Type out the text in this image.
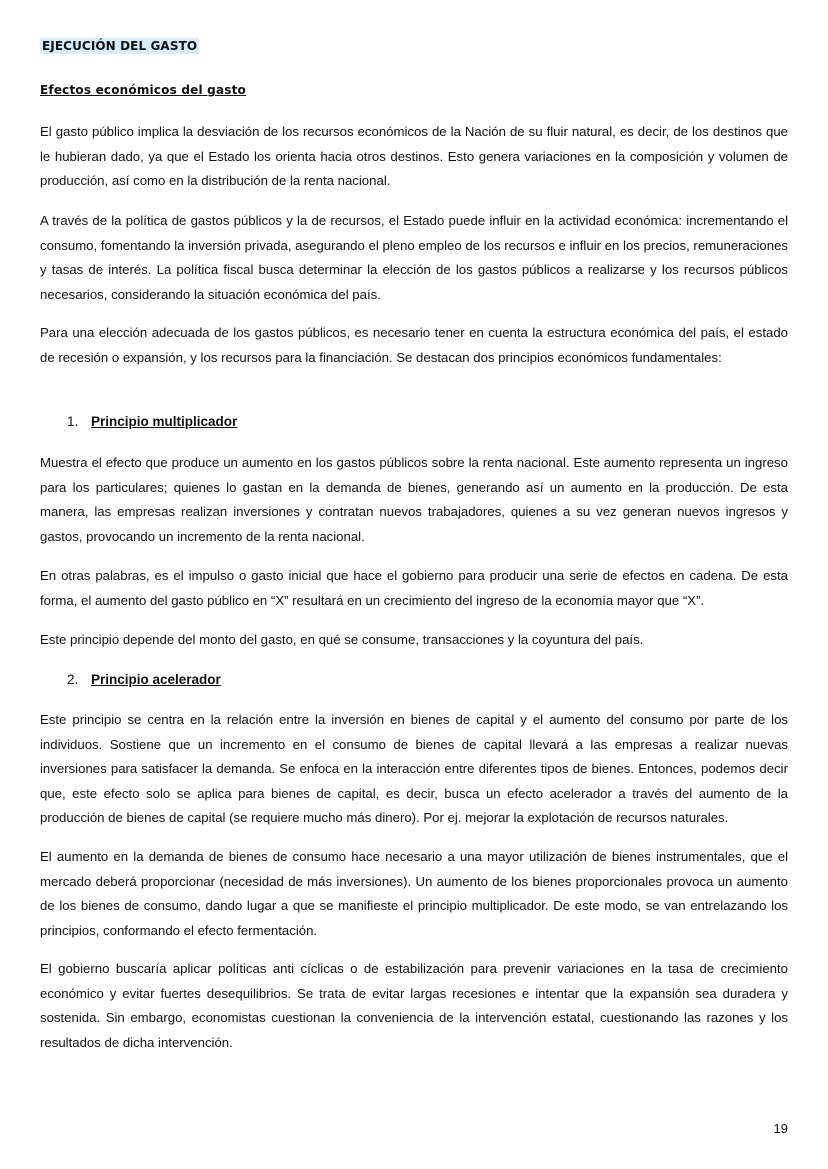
EJECUCIÓN DEL GASTO
Efectos económicos del gasto

El gasto público implica la desviación de los recursos económicos de la Nación de su fluir natural, es decir, de los destinos que le hubieran dado, ya que el Estado los orienta hacia otros destinos. Esto genera variaciones en la composición y volumen de producción, así como en la distribución de la renta nacional.

A través de la política de gastos públicos y la de recursos, el Estado puede influir en la actividad económica: incrementando el consumo, fomentando la inversión privada, asegurando el pleno empleo de los recursos e influir en los precios, remuneraciones y tasas de interés. La política fiscal busca determinar la elección de los gastos públicos a realizarse y los recursos públicos necesarios, considerando la situación económica del país.

Para una elección adecuada de los gastos públicos, es necesario tener en cuenta la estructura económica del país, el estado de recesión o expansión, y los recursos para la financiación. Se destacan dos principios económicos fundamentales:

1. Principio multiplicador

Muestra el efecto que produce un aumento en los gastos públicos sobre la renta nacional. Este aumento representa un ingreso para los particulares; quienes lo gastan en la demanda de bienes, generando así un aumento en la producción. De esta manera, las empresas realizan inversiones y contratan nuevos trabajadores, quienes a su vez generan nuevos ingresos y gastos, provocando un incremento de la renta nacional.

En otras palabras, es el impulso o gasto inicial que hace el gobierno para producir una serie de efectos en cadena. De esta forma, el aumento del gasto público en “X” resultará en un crecimiento del ingreso de la economía mayor que “X”.

Este principio depende del monto del gasto, en qué se consume, transacciones y la coyuntura del país.

2. Principio acelerador

Este principio se centra en la relación entre la inversión en bienes de capital y el aumento del consumo por parte de los individuos. Sostiene que un incremento en el consumo de bienes de capital llevará a las empresas a realizar nuevas inversiones para satisfacer la demanda. Se enfoca en la interacción entre diferentes tipos de bienes. Entonces, podemos decir que, este efecto solo se aplica para bienes de capital, es decir, busca un efecto acelerador a través del aumento de la producción de bienes de capital (se requiere mucho más dinero). Por ej. mejorar la explotación de recursos naturales.

El aumento en la demanda de bienes de consumo hace necesario a una mayor utilización de bienes instrumentales, que el mercado deberá proporcionar (necesidad de más inversiones). Un aumento de los bienes proporcionales provoca un aumento de los bienes de consumo, dando lugar a que se manifieste el principio multiplicador. De este modo, se van entrelazando los principios, conformando el efecto fermentación.

El gobierno buscaría aplicar políticas anti cíclicas o de estabilización para prevenir variaciones en la tasa de crecimiento económico y evitar fuertes desequilibrios. Se trata de evitar largas recesiones e intentar que la expansión sea duradera y sostenida. Sin embargo, economistas cuestionan la conveniencia de la intervención estatal, cuestionando las razones y los resultados de dicha intervención.

19
